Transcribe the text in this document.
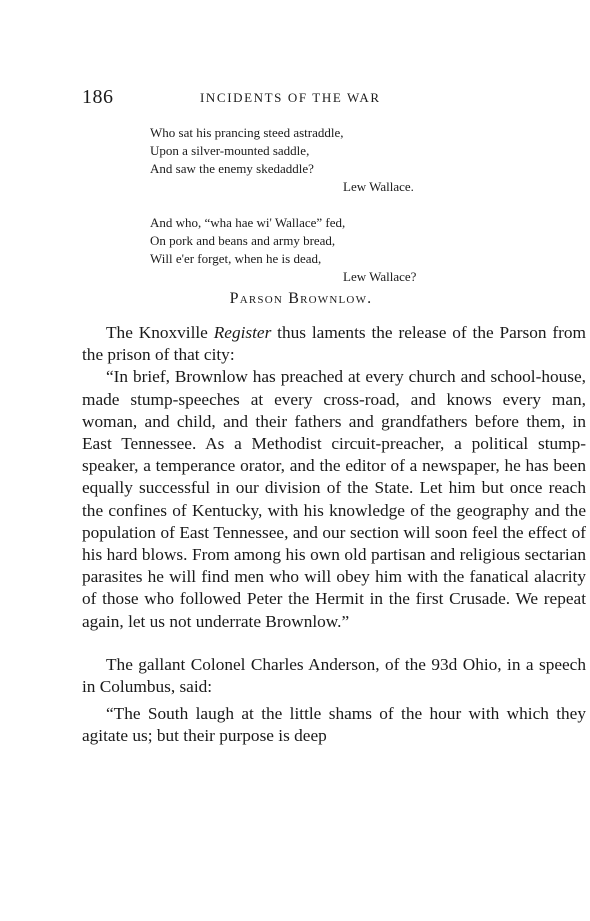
186	INCIDENTS OF THE WAR
Who sat his prancing steed astraddle,
Upon a silver-mounted saddle,
And saw the enemy skedaddle?
Lew Wallace.
And who, “wha hae wi' Wallace” fed,
On pork and beans and army bread,
Will e'er forget, when he is dead,
Lew Wallace?
Parson Brownlow.

The Knoxville Register thus laments the release of the Parson from the prison of that city:

“In brief, Brownlow has preached at every church and school-house, made stump-speeches at every cross-road, and knows every man, woman, and child, and their fathers and grandfathers before them, in East Tennessee. As a Methodist circuit-preacher, a political stump-speaker, a temperance orator, and the editor of a newspaper, he has been equally successful in our division of the State. Let him but once reach the confines of Kentucky, with his knowledge of the geography and the population of East Tennessee, and our section will soon feel the effect of his hard blows. From among his own old partisan and religious sectarian parasites he will find men who will obey him with the fanatical alacrity of those who followed Peter the Hermit in the first Crusade. We repeat again, let us not underrate Brownlow.”

The gallant Colonel Charles Anderson, of the 93d Ohio, in a speech in Columbus, said:

“The South laugh at the little shams of the hour with which they agitate us; but their purpose is deep
